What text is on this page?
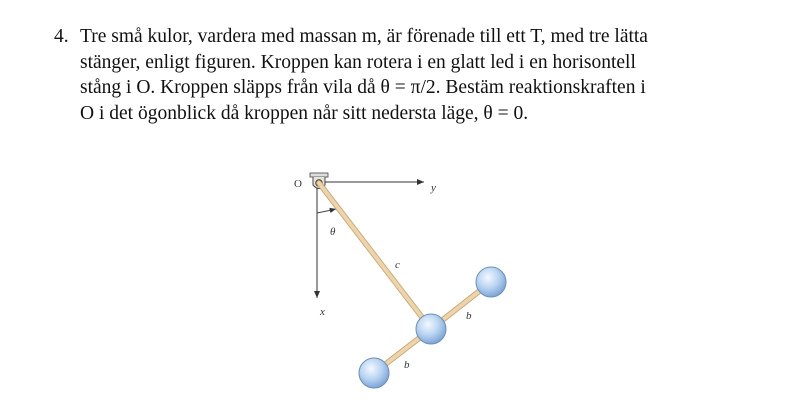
4. Tre små kulor, vardera med massan m, är förenade till ett T, med tre lätta
stänger, enligt figuren. Kroppen kan rotera i en glatt led i en horisontell
stång i O. Kroppen släpps från vila då θ = π/2. Bestäm reaktionskraften i
O i det ögonblick då kroppen når sitt nedersta läge, θ = 0.
O	y
x
θ
c
b
b
